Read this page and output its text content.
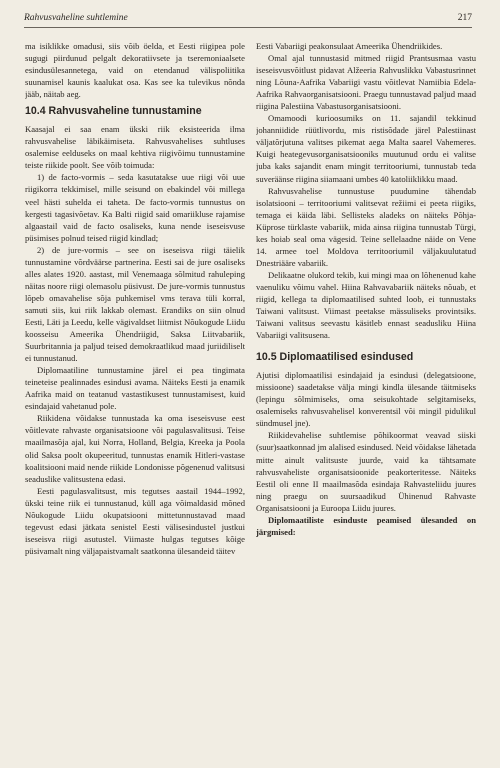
Rahvusvaheline suhtlemine	217

ma isiklikke omadusi, siis võib öelda, et Eesti riigipea pole sugugi piirdunud pelgalt dekoratiivsete ja tseremoniaalsete esindusülesannetega, vaid on etendanud välispoliitika suunamisel kaunis kaalukat osa. Kas see ka tulevikus nõnda jääb, näitab aeg.

10.4 Rahvusvaheline tunnustamine

Kaasajal ei saa enam ükski riik eksisteerida ilma rahvusvahelise läbikäimiseta. Rahvusvahelises suhtluses osalemise eelduseks on maal kehtiva riigivõimu tunnustamine teiste riikide poolt. See võib toimuda:

1) de facto-vormis – seda kasutatakse uue riigi või uue riigikorra tekkimisel, mille seisund on ebakindel või millega veel hästi suhelda ei taheta. De facto-vormis tunnustus on kergesti tagasivõetav. Ka Balti riigid said omariikluse rajamise algaastail vaid de facto osaliseks, kuna nende iseseisvuse püsimises polnud teised riigid kindlad;

2) de jure-vormis – see on iseseisva riigi täielik tunnustamine võrdväärse partnerina. Eesti sai de jure osaliseks alles alates 1920. aastast, mil Venemaaga sõlmitud rahuleping näitas noore riigi olemasolu püsivust. De jure-vormis tunnustus lõpeb omavahelise sõja puhkemisel vms terava tüli korral, samuti siis, kui riik lakkab olemast. Erandiks on siin olnud Eesti, Läti ja Leedu, kelle vägivaldset liitmist Nõukogude Liidu koosseisu Ameerika Ühendriigid, Saksa Liitvabariik, Suurbritannia ja paljud teised demokraatlikud maad juriidiliselt ei tunnustanud.

Diplomaatiline tunnustamine järel ei pea tingimata teineteise pealinnades esindusi avama. Näiteks Eesti ja enamik Aafrika maid on teatanud vastastikusest tunnustamisest, kuid esindajaid vahetanud pole.

Riikidena võidakse tunnustada ka oma iseseisvuse eest võitlevate rahvaste organisatsioone või pagulasvalitsusi. Teise maailmasõja ajal, kui Norra, Holland, Belgia, Kreeka ja Poola olid Saksa poolt okupeeritud, tunnustas enamik Hitleri-vastase koalitsiooni maid nende riikide Londonisse põgenenud valitsusi seaduslike valitsustena edasi.

Eesti pagulasvalitsust, mis tegutses aastail 1944–1992, ükski teine riik ei tunnustanud, küll aga võimaldasid mõned Nõukogude Liidu okupatsiooni mittetunnustavad maad tegevust edasi jätkata senistel Eesti välisesindustel justkui iseseisva riigi asutustel. Viimaste hulgas tegutses kõige püsivamalt ning väljapaistvamalt saatkonna ülesandeid täitev

Eesti Vabariigi peakonsulaat Ameerika Ühendriikides.

Omal ajal tunnustasid mitmed riigid Prantsusmaa vastu iseseisvusvõitlust pidavat Alžeeria Rahvuslikku Vabastusrinnet ning Lõuna-Aafrika Vabariigi vastu võitlevat Namiibia Edela-Aafrika Rahvaorganisatsiooni. Praegu tunnustavad paljud maad riigina Palestiina Vabastusorganisatsiooni.

Omamoodi kurioosumiks on 11. sajandil tekkinud johanniidide rüütlivordu, mis ristisõdade järel Palestiinast väljatõrjutuna valitses pikemat aega Malta saarel Vahemeres. Kuigi heategevusorganisatsiooniks muutunud ordu ei valitse juba kaks sajandit enam mingit territooriumi, tunnustab teda suveräänse riigina siiamaani umbes 40 katoliiklikku maad.

Rahvusvahelise tunnustuse puudumine tähendab isolatsiooni – territooriumi valitsevat režiimi ei peeta riigiks, temaga ei käida läbi. Sellisteks aladeks on näiteks Põhja-Küprose türklaste vabariik, mida ainsa riigina tunnustab Türgi, kes hoiab seal oma vägesid. Teine sellelaadne näide on Vene 14. armee toel Moldova territooriumil väljakuulutatud Dnestriääre vabariik.

Delikaatne olukord tekib, kui mingi maa on lõhenenud kahe vaenuliku võimu vahel. Hiina Rahvavabariik näiteks nõuab, et riigid, kellega ta diplomaatilised suhted loob, ei tunnustaks Taiwani valitsust. Viimast peetakse mässuliseks provintsiks. Taiwani valitsus seevastu käsitleb ennast seadusliku Hiina Vabariigi valitsusena.

10.5 Diplomaatilised esindused

Ajutisi diplomaatilisi esindajaid ja esindusi (delegatsioone, missioone) saadetakse välja mingi kindla ülesande täitmiseks (lepingu sõlmimiseks, oma seisukohtade selgitamiseks, osalemiseks rahvusvahelisel konverentsil või mingil pidulikul sündmusel jne).

Riikidevahelise suhtlemise põhikoormat veavad siiski (suur)saatkonnad jm alalised esindused. Neid võidakse lähetada mitte ainult valitsuste juurde, vaid ka tähtsamate rahvusvaheliste organisatsioonide peakorteritesse. Näiteks Eestil oli enne II maailmasõda esindaja Rahvasteliidu juures ning praegu on suursaadikud Ühinenud Rahvaste Organisatsiooni ja Euroopa Liidu juures.

Diplomaatiliste esinduste peamised ülesanded on järgmised:
